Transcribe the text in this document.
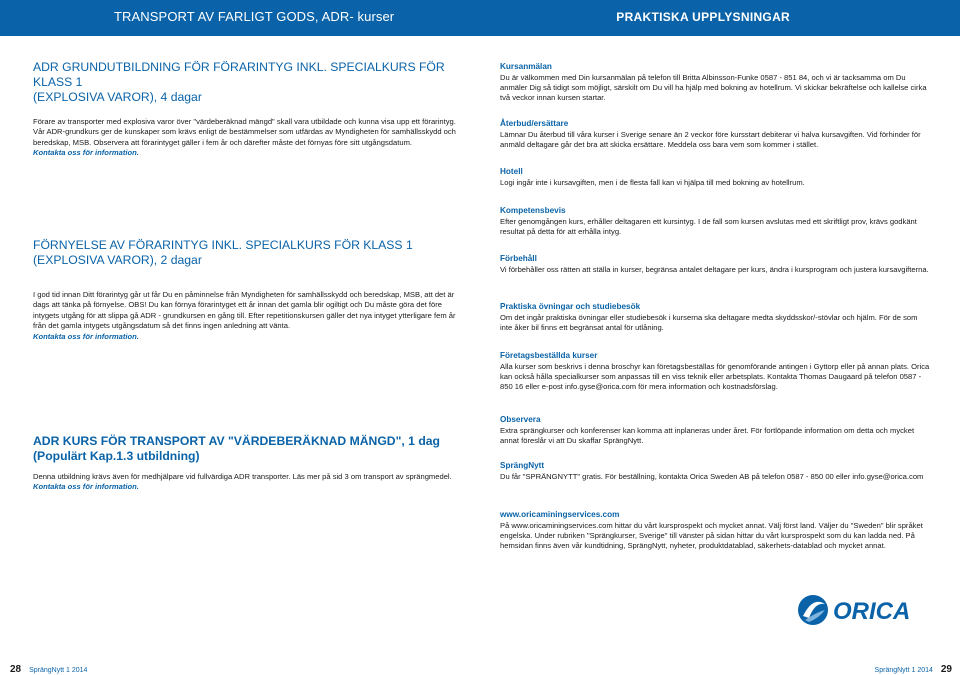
TRANSPORT AV FARLIGT GODS, ADR- kurser	PRAKTISKA UPPLYSNINGAR
ADR GRUNDUTBILDNING FÖR FÖRARINTYG INKL. SPECIALKURS FÖR KLASS 1
(EXPLOSIVA VAROR), 4 dagar

Förare av transporter med explosiva varor över "värdeberäknad mängd" skall vara utbildade och kunna visa upp ett förarintyg.

Vår ADR-grundkurs ger de kunskaper som krävs enligt de bestämmelser som utfärdas av Myndigheten för samhällsskydd och beredskap, MSB. Observera att förarintyget gäller i fem år och därefter måste det förnyas före sitt utgångsdatum.

Kontakta oss för information.

FÖRNYELSE AV FÖRARINTYG INKL. SPECIALKURS FÖR KLASS 1
(EXPLOSIVA VAROR), 2 dagar

I god tid innan Ditt förarintyg går ut får Du en påminnelse från Myndigheten för samhällsskydd och beredskap, MSB, att det är dags att tänka på förnyelse. OBS! Du kan förnya förarintyget ett år innan det gamla blir ogiltigt och Du måste göra det före intygets utgång för att slippa gå ADR - grundkursen en gång till. Efter repetitionskursen gäller det nya intyget ytterligare fem år från det gamla intygets utgångsdatum så det finns ingen anledning att vänta.

Kontakta oss för information.

ADR KURS FÖR TRANSPORT AV "VÄRDEBERÄKNAD MÄNGD", 1 dag
(Populärt Kap.1.3 utbildning)

Denna utbildning krävs även för medhjälpare vid fullvärdiga ADR transporter. Läs mer på sid 3 om transport av sprängmedel.

Kontakta oss för information.

Kursanmälan

Du är välkommen med Din kursanmälan på telefon till Britta Albinsson-Funke 0587 - 851 84, och vi är tacksamma om Du anmäler Dig så tidigt som möjligt, särskilt om Du vill ha hjälp med bokning av hotellrum. Vi skickar bekräftelse och kallelse cirka två veckor innan kursen startar.

Återbud/ersättare

Lämnar Du återbud till våra kurser i Sverige senare än 2 veckor före kursstart debiterar vi halva kursavgiften. Vid förhinder för anmäld deltagare går det bra att skicka ersättare. Meddela oss bara vem som kommer i stället.

Hotell

Logi ingår inte i kursavgiften, men i de flesta fall kan vi hjälpa till med bokning av hotellrum.

Kompetensbevis

Efter genomgången kurs, erhåller deltagaren ett kursintyg. I de fall som kursen avslutas med ett skriftligt prov, krävs godkänt resultat på detta för att erhålla intyg.

Förbehåll

Vi förbehåller oss rätten att ställa in kurser, begränsa antalet deltagare per kurs, ändra i kursprogram och justera kursavgifterna.

Praktiska övningar och studiebesök

Om det ingår praktiska övningar eller studiebesök i kurserna ska deltagare medta skyddsskor/-stövlar och hjälm. För de som inte åker bil finns ett begränsat antal för utlåning.

Företagsbeställda kurser

Alla kurser som beskrivs i denna broschyr kan företagsbeställas för genomförande antingen i Gyttorp eller på annan plats. Orica kan också hålla specialkurser som anpassas till en viss teknik eller arbetsplats. Kontakta Thomas Daugaard på telefon 0587 - 850 16 eller e-post info.gyse@orica.com för mera information och kostnadsförslag.

Observera

Extra sprängkurser och konferenser kan komma att inplaneras under året. För fortlöpande information om detta och mycket annat föreslår vi att Du skaffar SprängNytt.

SprängNytt

Du får "SPRÄNGNYTT" gratis. För beställning, kontakta Orica Sweden AB på telefon 0587 - 850 00 eller info.gyse@orica.com

www.oricaminingservices.com

På www.oricaminingservices.com hittar du vårt kursprospekt och mycket annat. Välj först land. Väljer du "Sweden" blir språket engelska. Under rubriken "Sprängkurser, Sverige" till vänster på sidan hittar du vårt kursprospekt som du kan ladda ned. På hemsidan finns även vår kundtidning, SprängNytt, nyheter, produktdatablad, säkerhets-datablad och mycket annat.

ORICA
28 SprängNytt 1 2014	SprängNytt 1 2014 29
